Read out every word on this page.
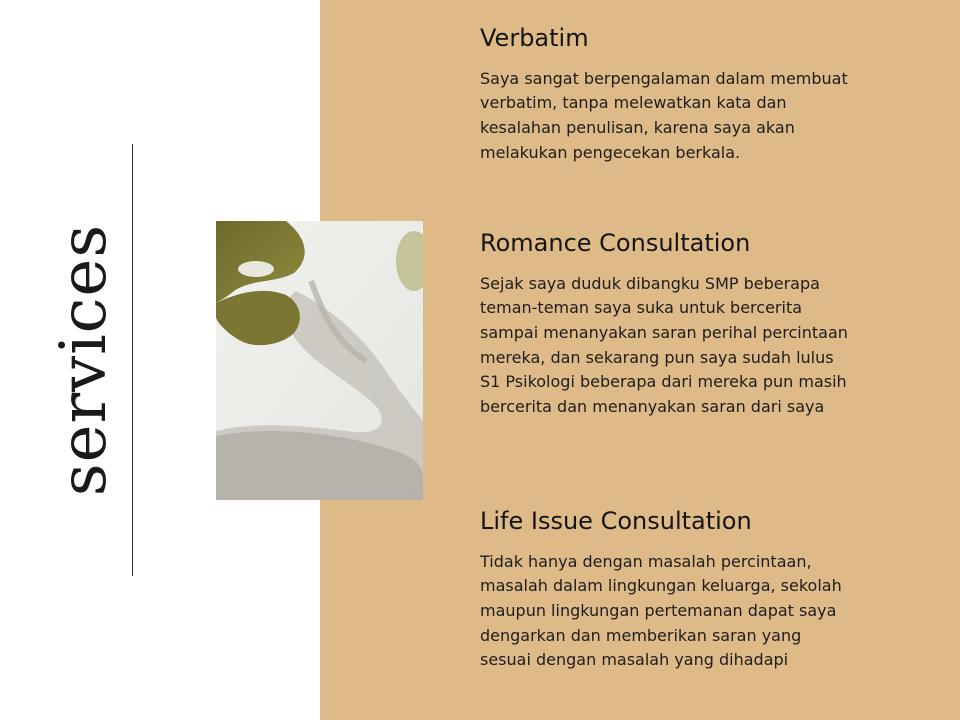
services
Verbatim

Saya sangat berpengalaman dalam membuat verbatim, tanpa melewatkan kata dan kesalahan penulisan, karena saya akan melakukan pengecekan berkala.

Romance Consultation

Sejak saya duduk dibangku SMP beberapa teman-teman saya suka untuk bercerita sampai menanyakan saran perihal percintaan mereka, dan sekarang pun saya sudah lulus S1 Psikologi beberapa dari mereka pun masih bercerita dan menanyakan saran dari saya

Life Issue Consultation

Tidak hanya dengan masalah percintaan, masalah dalam lingkungan keluarga, sekolah maupun lingkungan pertemanan dapat saya dengarkan dan memberikan saran yang sesuai dengan masalah yang dihadapi
